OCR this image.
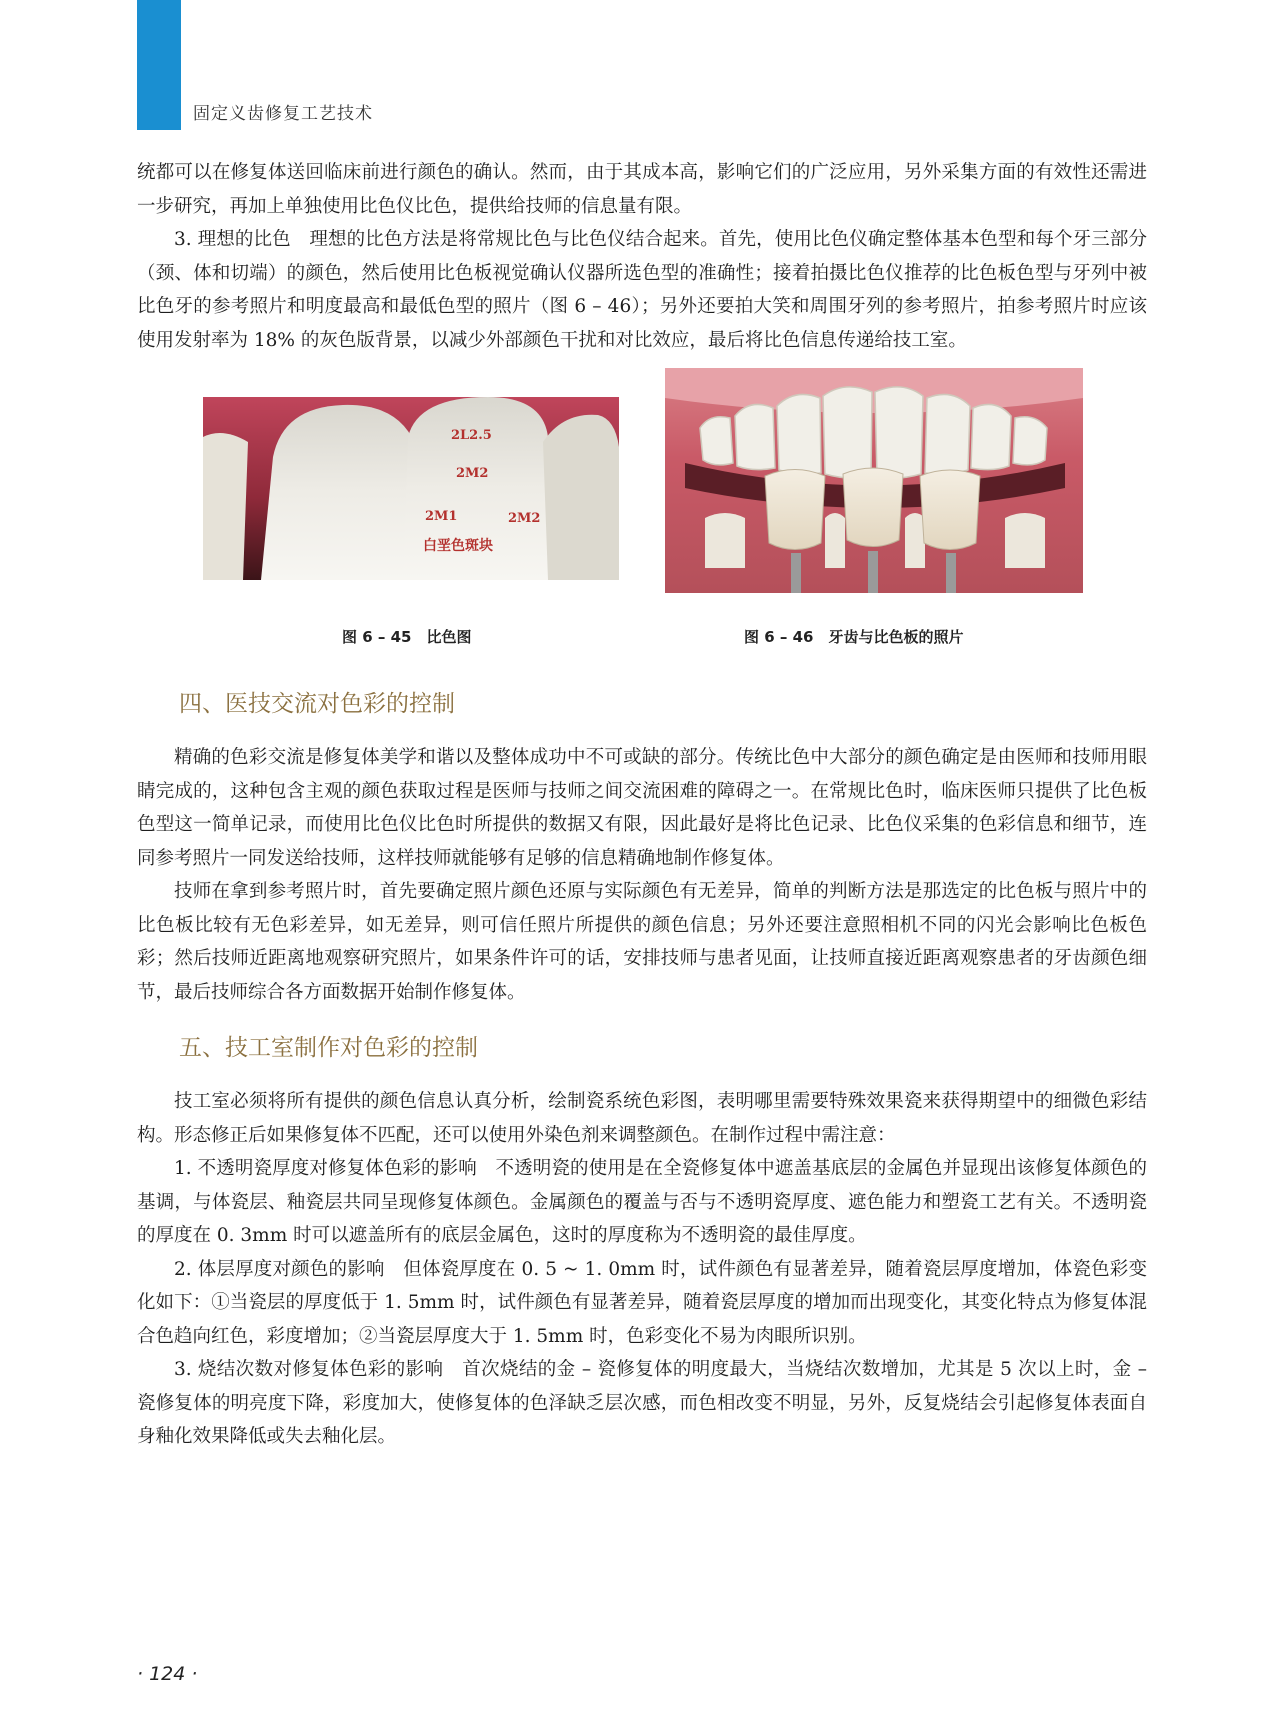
固定义齿修复工艺技术

统都可以在修复体送回临床前进行颜色的确认。然而，由于其成本高，影响它们的广泛应用，另外采集方面的有效性还需进一步研究，再加上单独使用比色仪比色，提供给技师的信息量有限。

3. 理想的比色　理想的比色方法是将常规比色与比色仪结合起来。首先，使用比色仪确定整体基本色型和每个牙三部分（颈、体和切端）的颜色，然后使用比色板视觉确认仪器所选色型的准确性；接着拍摄比色仪推荐的比色板色型与牙列中被比色牙的参考照片和明度最高和最低色型的照片（图 6 – 46）；另外还要拍大笑和周围牙列的参考照片，拍参考照片时应该使用发射率为 18% 的灰色版背景，以减少外部颜色干扰和对比效应，最后将比色信息传递给技工室。

2L2.5
2M2
2M1	2M2
白垩色斑块
图 6 – 45　比色图	图 6 – 46　牙齿与比色板的照片
四、医技交流对色彩的控制

精确的色彩交流是修复体美学和谐以及整体成功中不可或缺的部分。传统比色中大部分的颜色确定是由医师和技师用眼睛完成的，这种包含主观的颜色获取过程是医师与技师之间交流困难的障碍之一。在常规比色时，临床医师只提供了比色板色型这一简单记录，而使用比色仪比色时所提供的数据又有限，因此最好是将比色记录、比色仪采集的色彩信息和细节，连同参考照片一同发送给技师，这样技师就能够有足够的信息精确地制作修复体。

技师在拿到参考照片时，首先要确定照片颜色还原与实际颜色有无差异，简单的判断方法是那选定的比色板与照片中的比色板比较有无色彩差异，如无差异，则可信任照片所提供的颜色信息；另外还要注意照相机不同的闪光会影响比色板色彩；然后技师近距离地观察研究照片，如果条件许可的话，安排技师与患者见面，让技师直接近距离观察患者的牙齿颜色细节，最后技师综合各方面数据开始制作修复体。

五、技工室制作对色彩的控制

技工室必须将所有提供的颜色信息认真分析，绘制瓷系统色彩图，表明哪里需要特殊效果瓷来获得期望中的细微色彩结构。形态修正后如果修复体不匹配，还可以使用外染色剂来调整颜色。在制作过程中需注意：

1. 不透明瓷厚度对修复体色彩的影响　不透明瓷的使用是在全瓷修复体中遮盖基底层的金属色并显现出该修复体颜色的基调，与体瓷层、釉瓷层共同呈现修复体颜色。金属颜色的覆盖与否与不透明瓷厚度、遮色能力和塑瓷工艺有关。不透明瓷的厚度在 0. 3mm 时可以遮盖所有的底层金属色，这时的厚度称为不透明瓷的最佳厚度。

2. 体层厚度对颜色的影响　但体瓷厚度在 0. 5 ~ 1. 0mm 时，试件颜色有显著差异，随着瓷层厚度增加，体瓷色彩变化如下：①当瓷层的厚度低于 1. 5mm 时，试件颜色有显著差异，随着瓷层厚度的增加而出现变化，其变化特点为修复体混合色趋向红色，彩度增加；②当瓷层厚度大于 1. 5mm 时，色彩变化不易为肉眼所识别。

3. 烧结次数对修复体色彩的影响　首次烧结的金 – 瓷修复体的明度最大，当烧结次数增加，尤其是 5 次以上时，金 – 瓷修复体的明亮度下降，彩度加大，使修复体的色泽缺乏层次感，而色相改变不明显，另外，反复烧结会引起修复体表面自身釉化效果降低或失去釉化层。

· 124 ·
